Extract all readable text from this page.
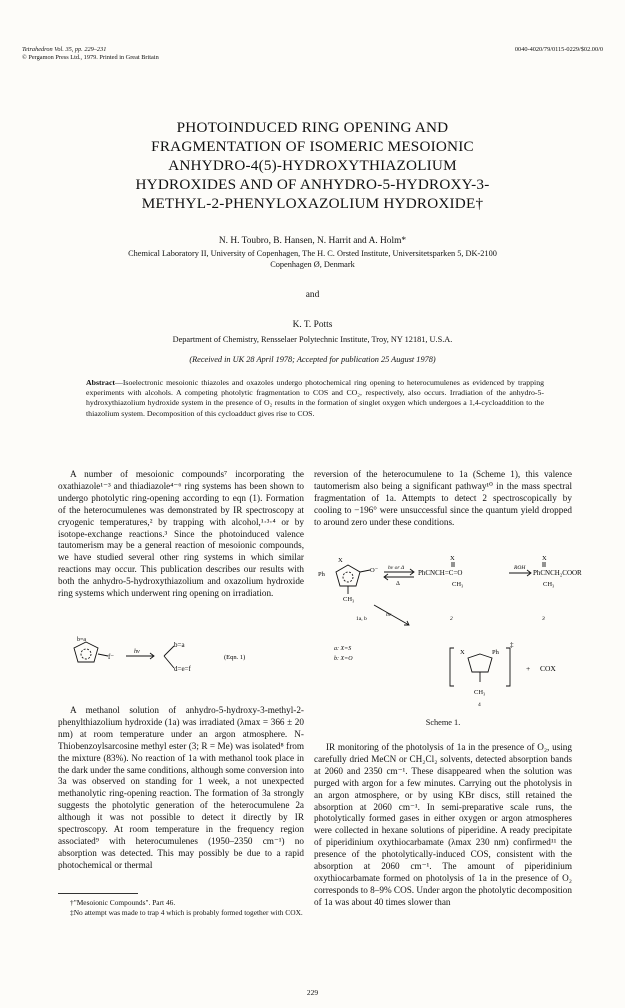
Tetrahedron Vol. 35, pp. 229–231
© Pergamon Press Ltd., 1979. Printed in Great Britain
0040-4020/79/0115-0229/$02.00/0
PHOTOINDUCED RING OPENING AND
FRAGMENTATION OF ISOMERIC MESOIONIC
ANHYDRO-4(5)-HYDROXYTHIAZOLIUM
HYDROXIDES AND OF ANHYDRO-5-HYDROXY-3-
METHYL-2-PHENYLOXAZOLIUM HYDROXIDE†
N. H. Toubro, B. Hansen, N. Harrit and A. Holm*
Chemical Laboratory II, University of Copenhagen, The H. C. Orsted Institute, Universitetsparken 5, DK-2100
Copenhagen Ø, Denmark
and
K. T. Potts
Department of Chemistry, Rensselaer Polytechnic Institute, Troy, NY 12181, U.S.A.
(Received in UK 28 April 1978; Accepted for publication 25 August 1978)
Abstract—Isoelectronic mesoionic thiazoles and oxazoles undergo photochemical ring opening to heterocumulenes as evidenced by trapping experiments with alcohols. A competing photolytic fragmentation to COS and CO₂, respectively, also occurs. Irradiation of the anhydro-5-hydroxythiazolium hydroxide system in the presence of O₂ results in the formation of singlet oxygen which undergoes a 1,4-cycloaddition to the thiazolium system. Decomposition of this cycloadduct gives rise to COS.

A number of mesoionic compounds⁷ incorporating the oxathiazole¹⁻³ and thiadiazole⁴⁻⁶ ring systems has been shown to undergo photolytic ring-opening according to eqn (1). Formation of the heterocumulenes was demonstrated by IR spectroscopy at cryogenic temperatures,² by trapping with alcohol,¹·³·⁴ or by isotope-exchange reactions.³ Since the photoinduced valence tautomerism may be a general reaction of mesoionic compounds, we have studied several other ring systems in which similar reactions may occur. This publication describes our results with both the anhydro-5-hydroxythiazolium and oxazolium hydroxide ring systems which underwent ring opening on irradiation.

b=a
f⁻
hν
b=a
d=e=f
(Eqn. 1)

A methanol solution of anhydro-5-hydroxy-3-methyl-2-phenylthiazolium hydroxide (1a) was irradiated (λmax = 366 ± 20 nm) at room temperature under an argon atmosphere. N-Thiobenzoylsarcosine methyl ester (3; R = Me) was isolated⁸ from the mixture (83%). No reaction of 1a with methanol took place in the dark under the same conditions, although some conversion into 3a was observed on standing for 1 week, a not unexpected methanolytic ring-opening reaction. The formation of 3a strongly suggests the photolytic generation of the heterocumulene 2a although it was not possible to detect it directly by IR spectroscopy. At room temperature in the frequency region associated⁹ with heterocumulenes (1950–2350 cm⁻¹) no absorption was detected. This may possibly be due to a rapid photochemical or thermal

†"Mesoionic Compounds". Part 46.

‡No attempt was made to trap 4 which is probably formed together with COX.

reversion of the heterocumulene to 1a (Scheme 1), this valence tautomerism also being a significant pathway¹⁰ in the mass spectral fragmentation of 1a. Attempts to detect 2 spectroscopically by cooling to −196° were unsuccessful since the quantum yield dropped to around zero under these conditions.

Ph
O⁻
CH₃
X
hν or Δ
Δ
X
PhCNCH=C=O
CH₃
ROH
X
PhCNCH₂COOR
CH₃
1a, b
hν
2	3
a: X=S
b: X=O
X	Ph
‡
CH₃
+ COX
4
Scheme 1.

IR monitoring of the photolysis of 1a in the presence of O₂, using carefully dried MeCN or CH₂Cl₂ solvents, detected absorption bands at 2060 and 2350 cm⁻¹. These disappeared when the solution was purged with argon for a few minutes. Carrying out the photolysis in an argon atmosphere, or by using KBr discs, still retained the absorption at 2060 cm⁻¹. In semi-preparative scale runs, the photolytically formed gases in either oxygen or argon atmospheres were collected in hexane solutions of piperidine. A ready precipitate of piperidinium oxythiocarbamate (λmax 230 nm) confirmed¹¹ the presence of the photolytically-induced COS, consistent with the absorption at 2060 cm⁻¹. The amount of piperidinium oxythiocarbamate formed on photolysis of 1a in the presence of O₂ corresponds to 8–9% COS. Under argon the photolytic decomposition of 1a was about 40 times slower than

229
